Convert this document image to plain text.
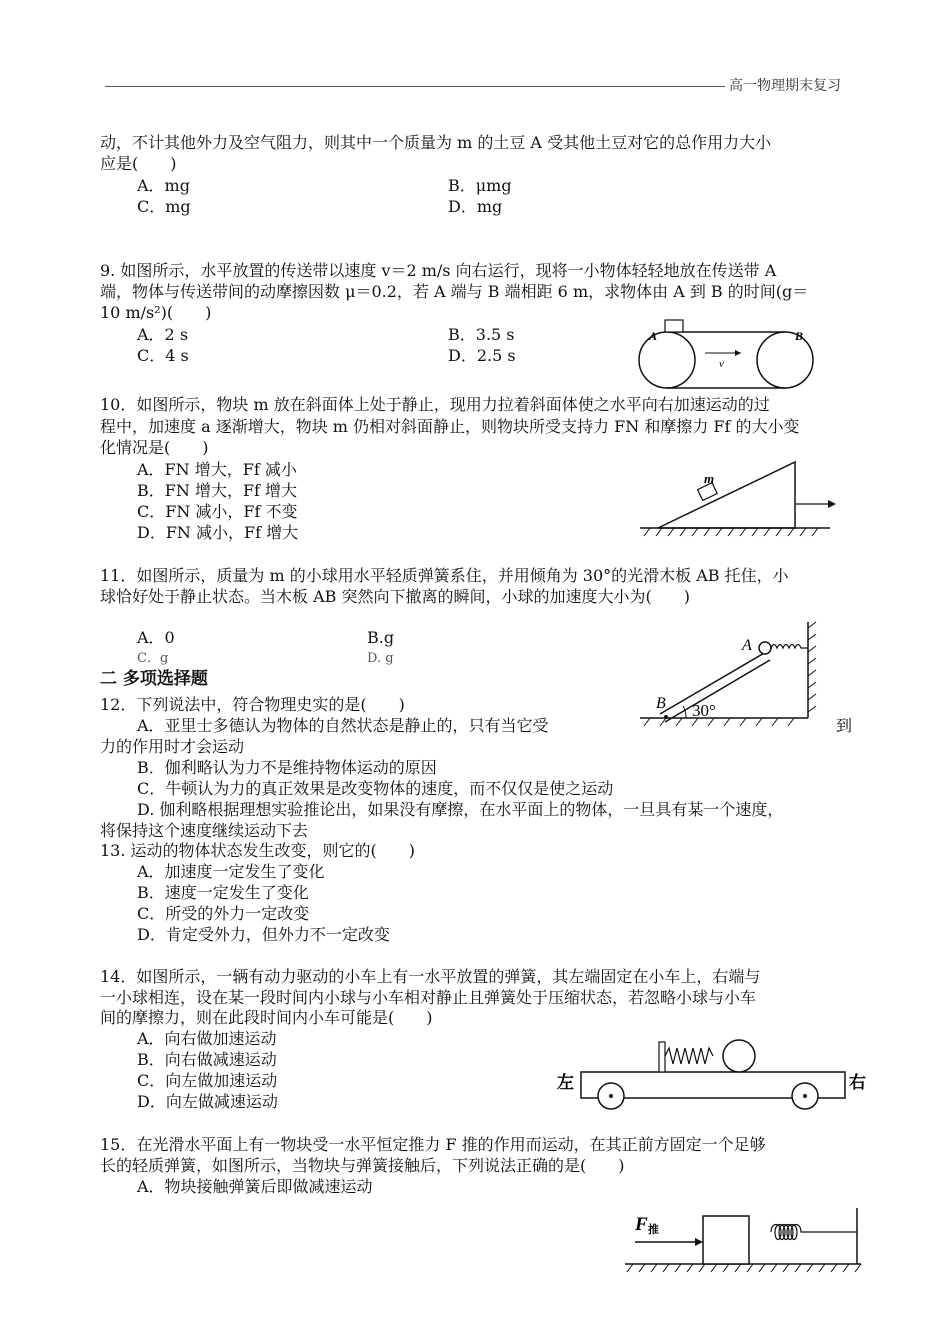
高一物理期末复习
动，不计其他外力及空气阻力，则其中一个质量为 m 的土豆 A 受其他土豆对它的总作用力大小
应是(　　)
A．mg	B．μmg
C．mg	D．mg
9. 如图所示，水平放置的传送带以速度 v＝2 m/s 向右运行，现将一小物体轻轻地放在传送带 A
端，物体与传送带间的动摩擦因数 μ＝0.2，若 A 端与 B 端相距 6 m，求物体由 A 到 B 的时间(g＝
10 m/s²)(　　)
A．2 s	B．3.5 s
C．4 s	D．2.5 s
A	B
v
10．如图所示，物块 m 放在斜面体上处于静止，现用力拉着斜面体使之水平向右加速运动的过
程中，加速度 a 逐渐增大，物块 m 仍相对斜面静止，则物块所受支持力 FN 和摩擦力 Ff 的大小变
化情况是(　　)
A．FN 增大，Ff 减小
B．FN 增大，Ff 增大
C．FN 减小，Ff 不变
D．FN 减小，Ff 增大
m
11．如图所示，质量为 m 的小球用水平轻质弹簧系住，并用倾角为 30°的光滑木板 AB 托住，小
球恰好处于静止状态。当木板 AB 突然向下撤离的瞬间，小球的加速度大小为(　　)
A．0	B.g
C．g	D. g
A
B 30°
二 多项选择题
12．下列说法中，符合物理史实的是(　　)
A．亚里士多德认为物体的自然状态是静止的，只有当它受	到
力的作用时才会运动
B．伽利略认为力不是维持物体运动的原因
C．牛顿认为力的真正效果是改变物体的速度，而不仅仅是使之运动
D. 伽利略根据理想实验推论出，如果没有摩擦，在水平面上的物体，一旦具有某一个速度，
将保持这个速度继续运动下去
13. 运动的物体状态发生改变，则它的(　　)
A．加速度一定发生了变化
B．速度一定发生了变化
C．所受的外力一定改变
D．肯定受外力，但外力不一定改变
14．如图所示，一辆有动力驱动的小车上有一水平放置的弹簧，其左端固定在小车上，右端与
一小球相连，设在某一段时间内小球与小车相对静止且弹簧处于压缩状态，若忽略小球与小车
间的摩擦力，则在此段时间内小车可能是(　　)
A．向右做加速运动
B．向右做减速运动
C．向左做加速运动
D．向左做减速运动
左	右
15．在光滑水平面上有一物块受一水平恒定推力 F 推的作用而运动，在其正前方固定一个足够
长的轻质弹簧，如图所示，当物块与弹簧接触后，下列说法正确的是(　　)
A．物块接触弹簧后即做减速运动
F 推
